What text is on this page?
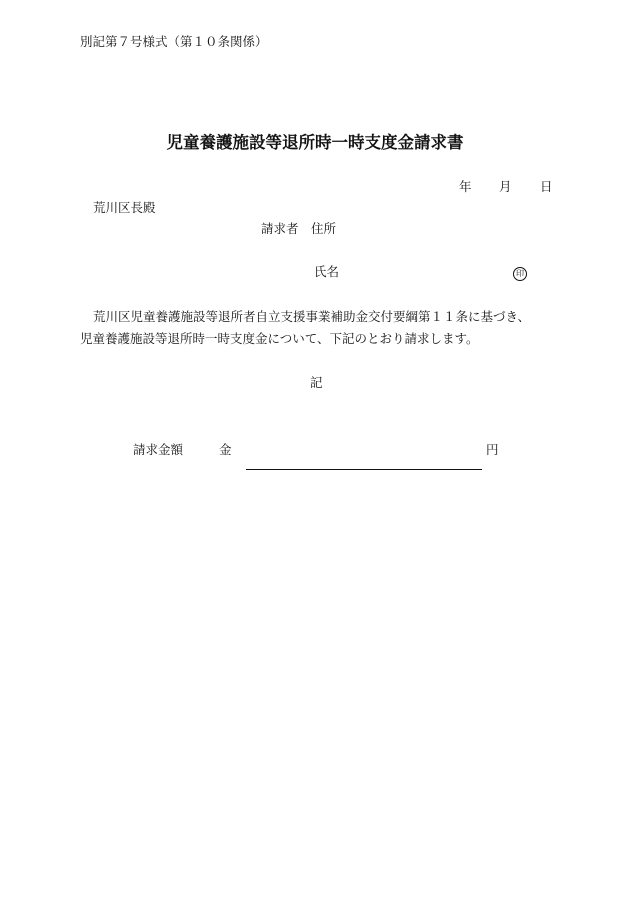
別記第７号様式（第１０条関係）
児童養護施設等退所時一時支度金請求書
年 月 日
荒川区長殿
請求者 住所
氏名	印
荒川区児童養護施設等退所者自立支援事業補助金交付要綱第１１条に基づき、
児童養護施設等退所時一時支度金について、下記のとおり請求します。
記
請求金額	金	円
